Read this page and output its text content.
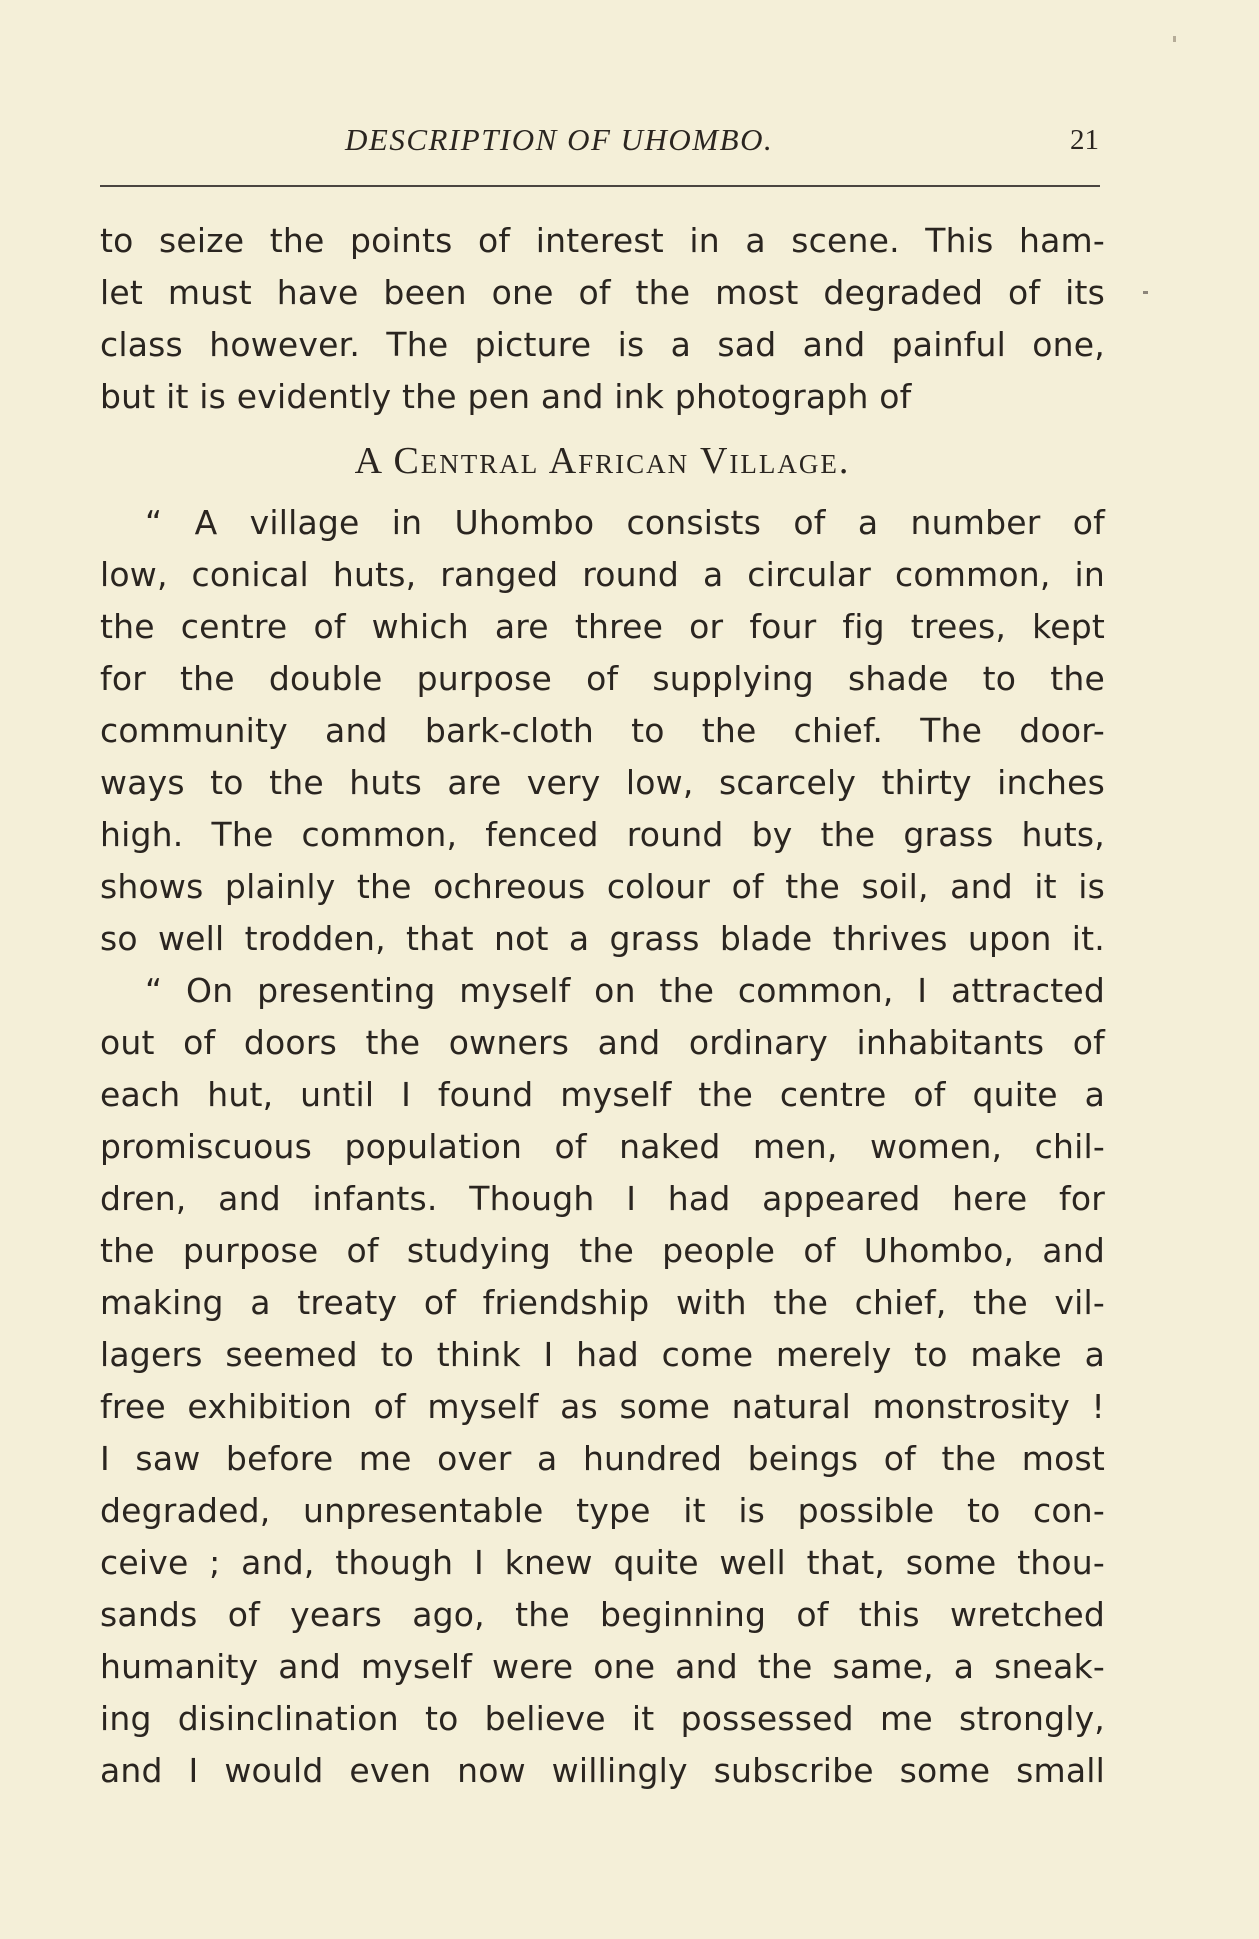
DESCRIPTION OF UHOMBO.	21
to seize the points of interest in a scene. This ham-
let must have been one of the most degraded of its
class however. The picture is a sad and painful one,
but it is evidently the pen and ink photograph of
A Central African Village.
“ A village in Uhombo consists of a number of
low, conical huts, ranged round a circular common, in
the centre of which are three or four fig trees, kept
for the double purpose of supplying shade to the
community and bark-cloth to the chief. The door-
ways to the huts are very low, scarcely thirty inches
high. The common, fenced round by the grass huts,
shows plainly the ochreous colour of the soil, and it is
so well trodden, that not a grass blade thrives upon it.
“ On presenting myself on the common, I attracted
out of doors the owners and ordinary inhabitants of
each hut, until I found myself the centre of quite a
promiscuous population of naked men, women, chil-
dren, and infants. Though I had appeared here for
the purpose of studying the people of Uhombo, and
making a treaty of friendship with the chief, the vil-
lagers seemed to think I had come merely to make a
free exhibition of myself as some natural monstrosity !
I saw before me over a hundred beings of the most
degraded, unpresentable type it is possible to con-
ceive ; and, though I knew quite well that, some thou-
sands of years ago, the beginning of this wretched
humanity and myself were one and the same, a sneak-
ing disinclination to believe it possessed me strongly,
and I would even now willingly subscribe some small
